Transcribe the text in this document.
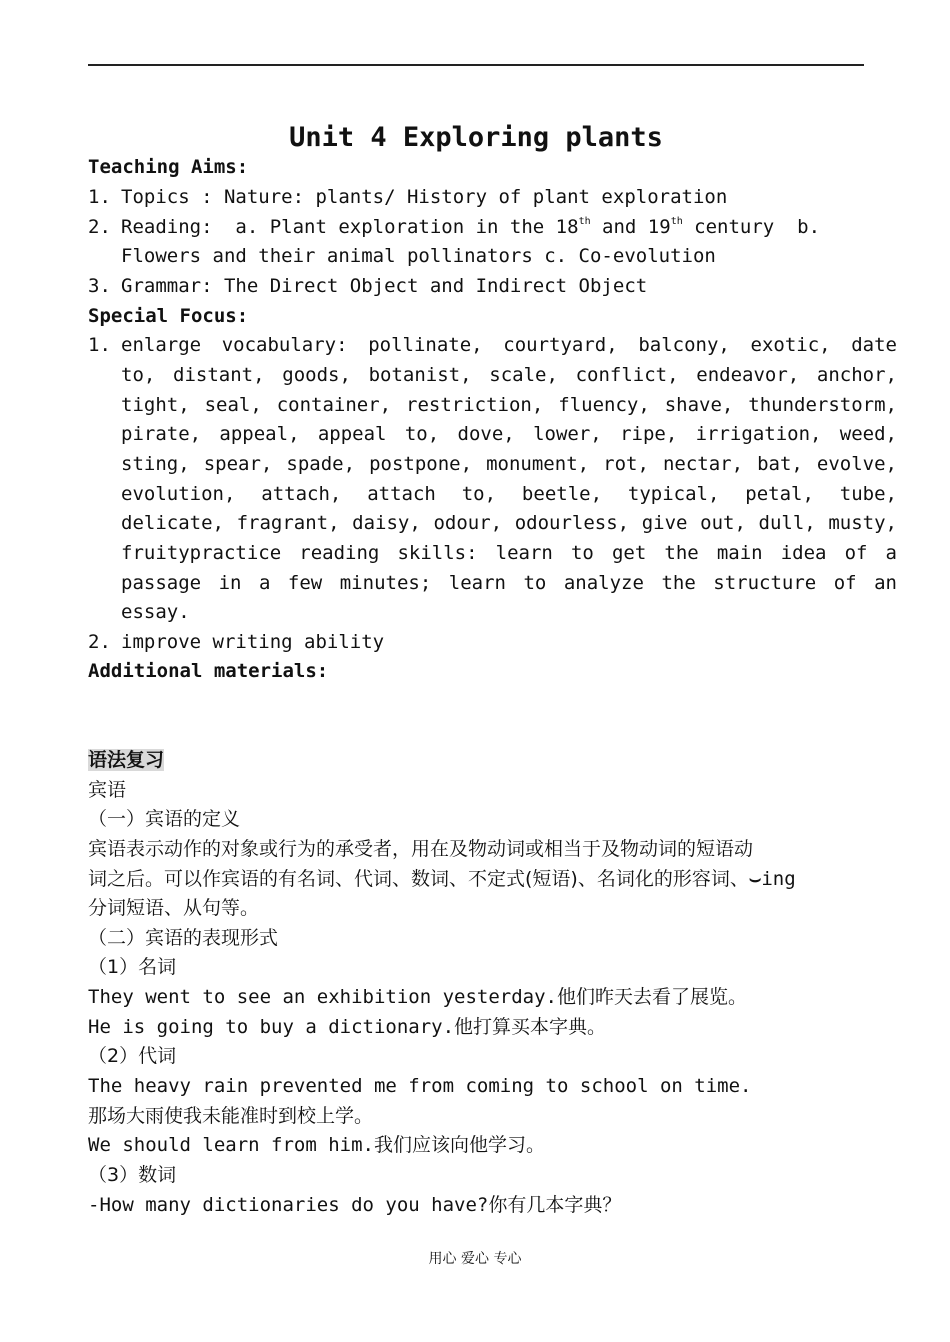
Unit 4 Exploring plants
Teaching Aims:
1. Topics : Nature: plants/ History of plant exploration
2. Reading:  a. Plant exploration in the 18th and 19th century  b.
Flowers and their animal pollinators c. Co-evolution
3. Grammar: The Direct Object and Indirect Object
Special Focus:
1. enlarge vocabulary: pollinate, courtyard, balcony, exotic, date
to, distant, goods, botanist, scale, conflict, endeavor, anchor,
tight, seal, container, restriction, fluency, shave, thunderstorm,
pirate, appeal, appeal to, dove, lower, ripe, irrigation, weed,
sting, spear, spade, postpone, monument, rot, nectar, bat, evolve,
evolution, attach, attach to, beetle, typical, petal, tube,
delicate, fragrant, daisy, odour, odourless, give out, dull, musty,
fruitypractice reading skills: learn to get the main idea of a
passage in a few minutes; learn to analyze the structure of an
essay.
2. improve writing ability
Additional materials:
语法复习
宾语
（一）宾语的定义
宾语表示动作的对象或行为的承受者，用在及物动词或相当于及物动词的短语动
词之后。可以作宾语的有名词、代词、数词、不定式(短语)、名词化的形容词、⌣ing
分词短语、从句等。
（二）宾语的表现形式
（1）名词
They went to see an exhibition yesterday.他们昨天去看了展览。
He is going to buy a dictionary.他打算买本字典。
（2）代词
The heavy rain prevented me from coming to school on time.
那场大雨使我未能准时到校上学。
We should learn from him.我们应该向他学习。
（3）数词
-How many dictionaries do you have?你有几本字典？
用心 爱心 专心
